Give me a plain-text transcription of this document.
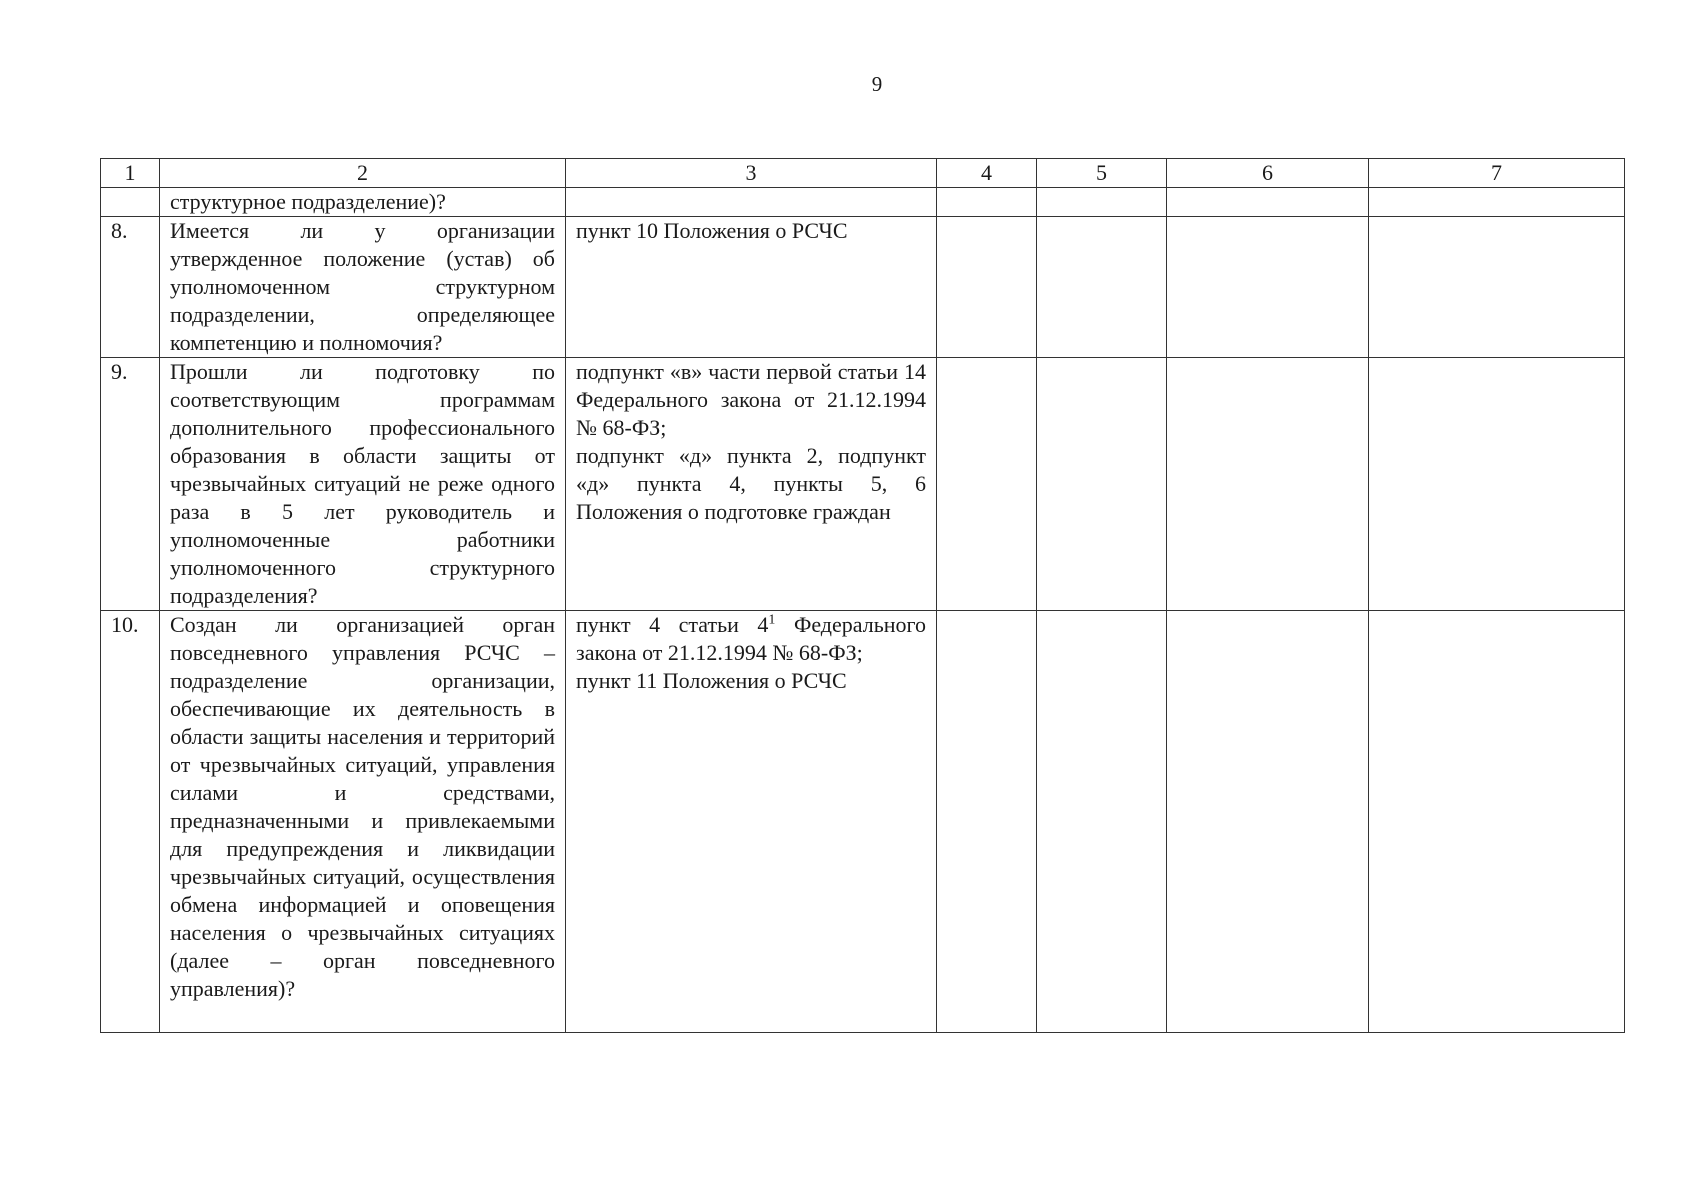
9
1	2	3	4	5	6	7
	структурное подразделение)?					
8.	Имеется ли у организации утвержденное положение (устав) об уполномоченном структурном подразделении, определяющее компетенцию и полномочия?	пункт 10 Положения о РСЧС				

9.	Прошли ли подготовку по соответствующим программам дополнительного профессионального образования в области защиты от чрезвычайных ситуаций не реже одного раза в 5 лет руководитель и уполномоченные работники уполномоченного структурного подразделения?	подпункт «в» части первой статьи 14 Федерального закона от 21.12.1994 № 68-ФЗ;
подпункт «д» пункта 2, подпункт «д» пункта 4, пункты 5, 6 Положения о подготовке граждан				

10.	Создан ли организацией орган повседневного управления РСЧС – подразделение организации, обеспечивающие их деятельность в области защиты населения и территорий от чрезвычайных ситуаций, управления силами и средствами, предназначенными и привлекаемыми для предупреждения и ликвидации чрезвычайных ситуаций, осуществления обмена информацией и оповещения населения о чрезвычайных ситуациях (далее – орган повседневного управления)?	пункт 4 статьи $4^1$ Федерального закона от 21.12.1994 № 68-ФЗ;
пункт 11 Положения о РСЧС				
